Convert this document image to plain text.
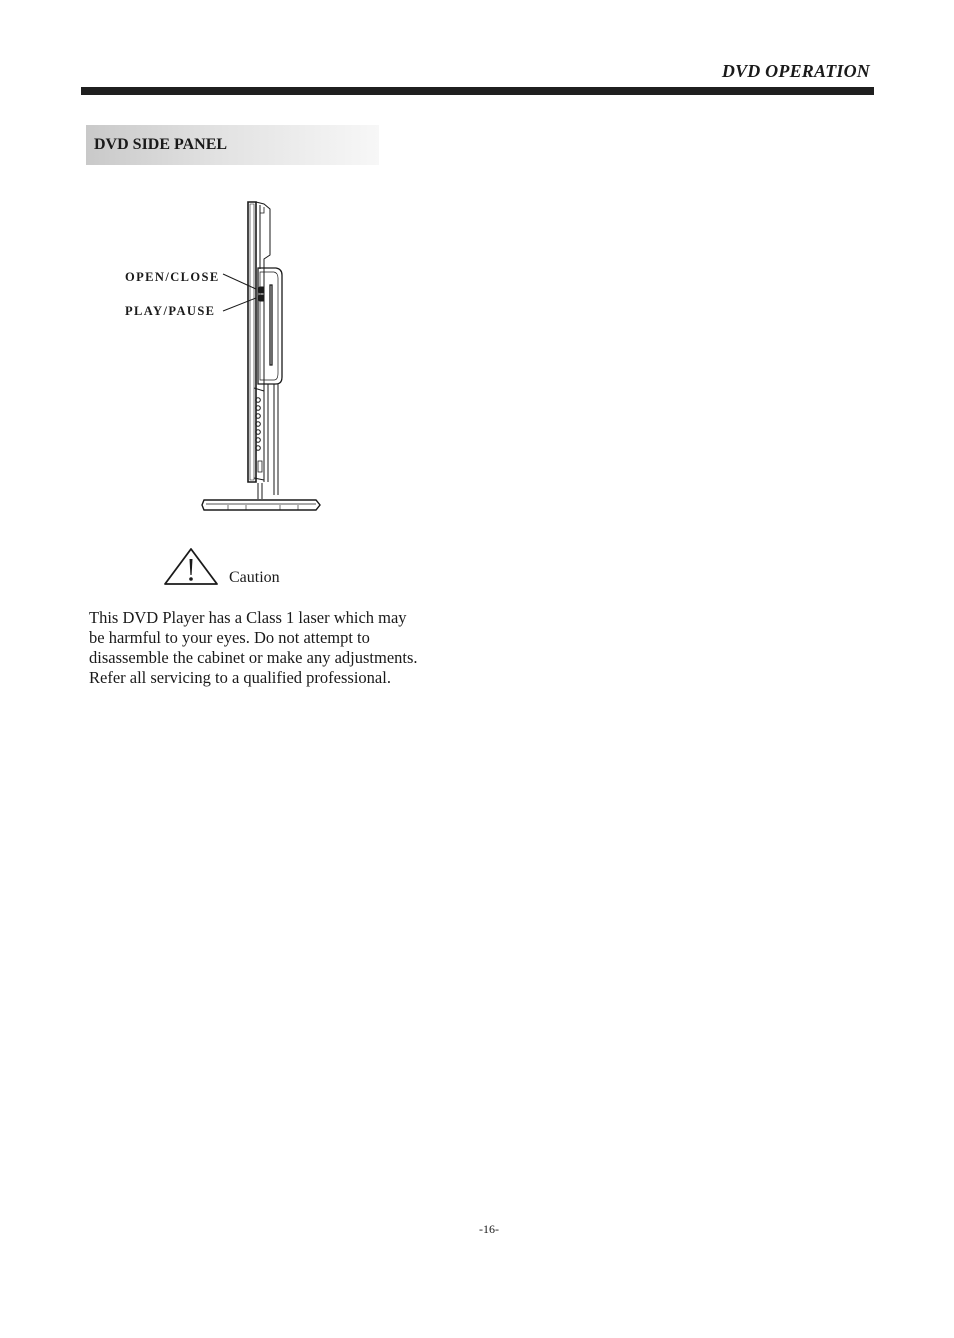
DVD OPERATION
DVD SIDE PANEL
OPEN/CLOSE
PLAY/PAUSE
Caution
This DVD Player has a Class 1 laser which may
be harmful to your eyes. Do not attempt to
disassemble the cabinet or make any adjustments.
Refer all servicing to a qualified professional.
-16-
